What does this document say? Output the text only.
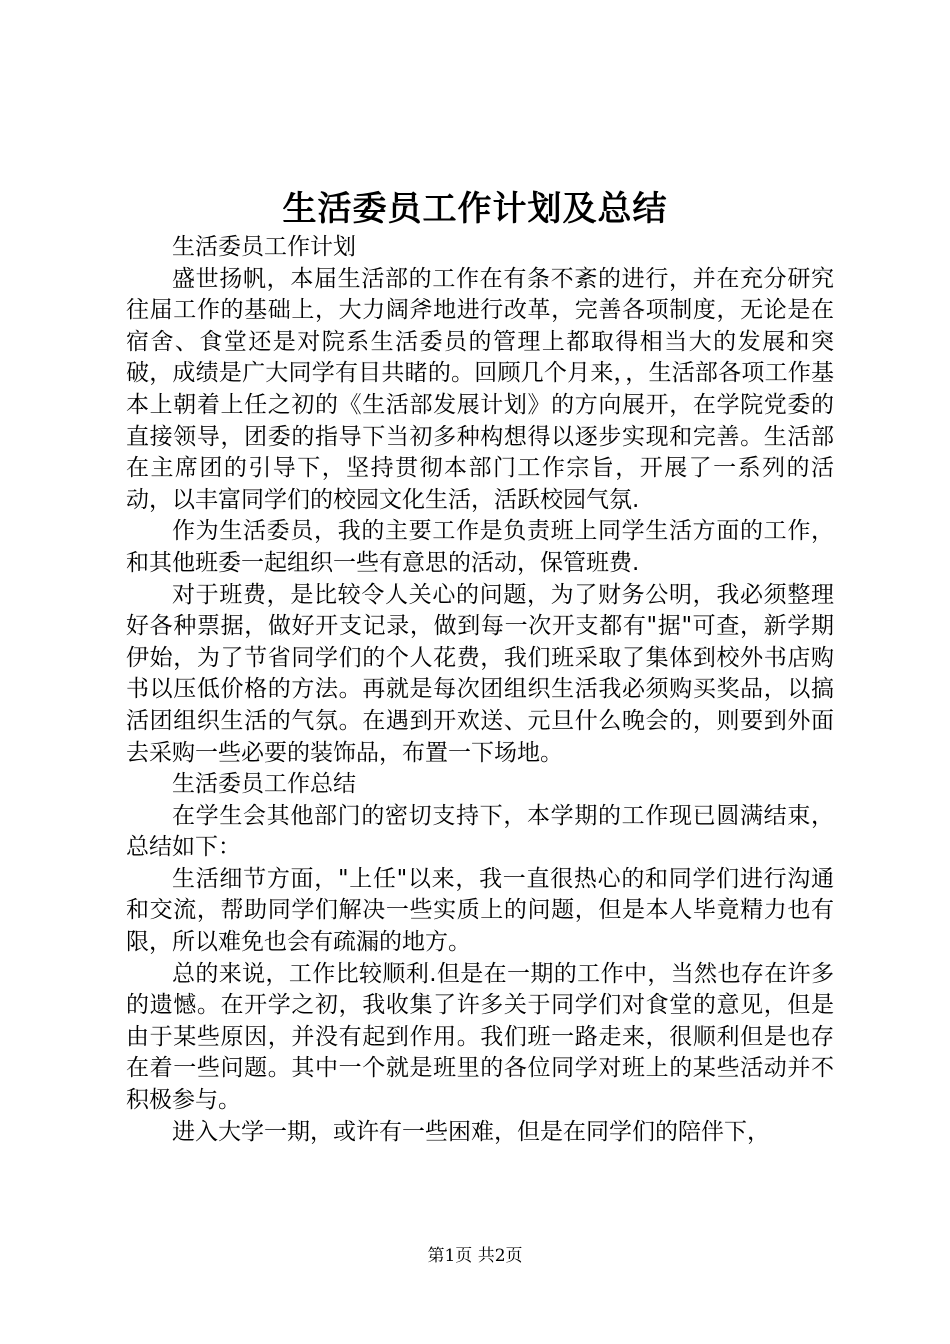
生活委员工作计划及总结

生活委员工作计划

盛世扬帆，本届生活部的工作在有条不紊的进行，并在充分研究往届工作的基础上，大力阔斧地进行改革，完善各项制度，无论是在宿舍、食堂还是对院系生活委员的管理上都取得相当大的发展和突破，成绩是广大同学有目共睹的。回顾几个月来，，生活部各项工作基本上朝着上任之初的《生活部发展计划》的方向展开，在学院党委的直接领导，团委的指导下当初多种构想得以逐步实现和完善。生活部在主席团的引导下，坚持贯彻本部门工作宗旨，开展了一系列的活动，以丰富同学们的校园文化生活，活跃校园气氛.

作为生活委员，我的主要工作是负责班上同学生活方面的工作，和其他班委一起组织一些有意思的活动，保管班费.

对于班费，是比较令人关心的问题，为了财务公明，我必须整理好各种票据，做好开支记录，做到每一次开支都有"据"可查，新学期伊始，为了节省同学们的个人花费，我们班采取了集体到校外书店购书以压低价格的方法。再就是每次团组织生活我必须购买奖品，以搞活团组织生活的气氛。在遇到开欢送、元旦什么晚会的，则要到外面去采购一些必要的装饰品，布置一下场地。

生活委员工作总结

在学生会其他部门的密切支持下，本学期的工作现已圆满结束，总结如下：

生活细节方面，"上任"以来，我一直很热心的和同学们进行沟通和交流，帮助同学们解决一些实质上的问题，但是本人毕竟精力也有限，所以难免也会有疏漏的地方。

总的来说，工作比较顺利.但是在一期的工作中，当然也存在许多的遗憾。在开学之初，我收集了许多关于同学们对食堂的意见，但是由于某些原因，并没有起到作用。我们班一路走来，很顺利但是也存在着一些问题。其中一个就是班里的各位同学对班上的某些活动并不积极参与。

进入大学一期，或许有一些困难，但是在同学们的陪伴下，

第1页 共2页
